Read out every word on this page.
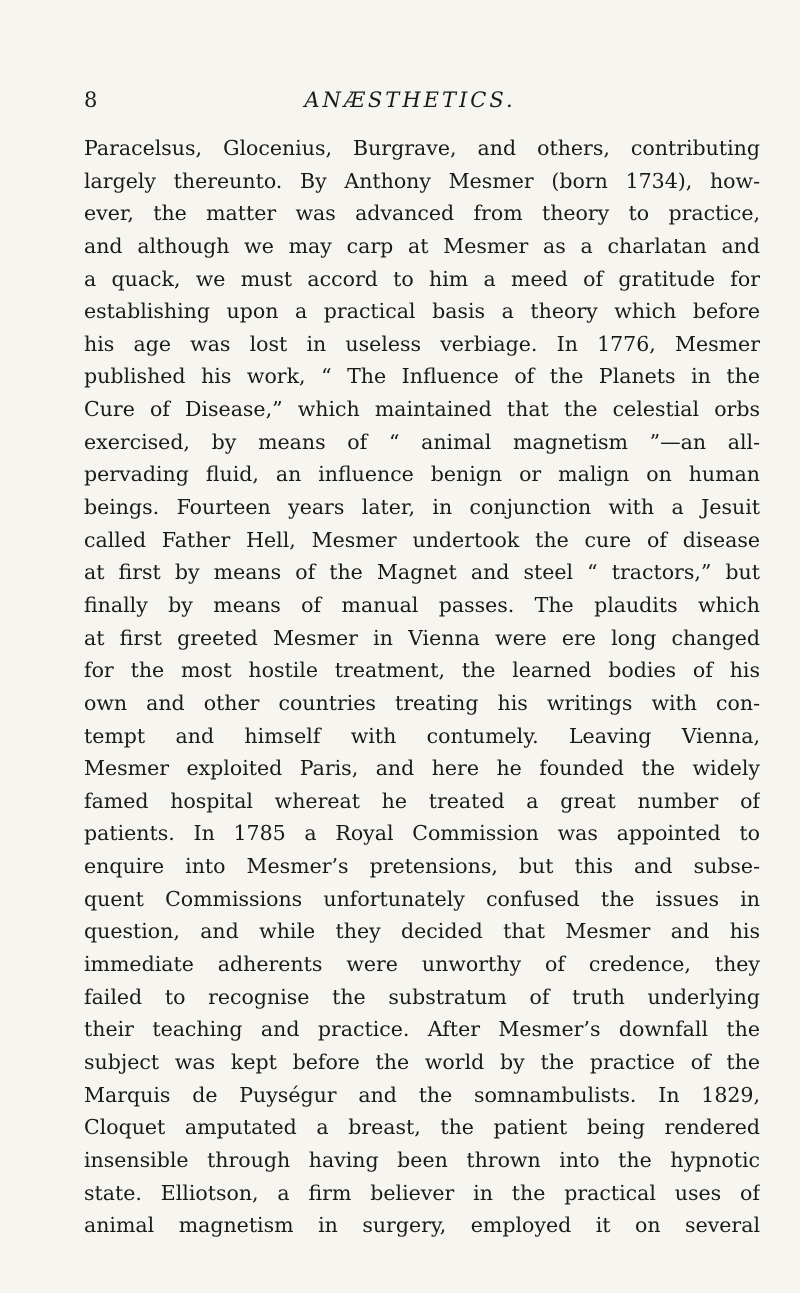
8	ANÆSTHETICS.
Paracelsus, Glocenius, Burgrave, and others, contributing
largely thereunto. By Anthony Mesmer (born 1734), how-
ever, the matter was advanced from theory to practice,
and although we may carp at Mesmer as a charlatan and
a quack, we must accord to him a meed of gratitude for
establishing upon a practical basis a theory which before
his age was lost in useless verbiage. In 1776, Mesmer
published his work, “ The Influence of the Planets in the
Cure of Disease,” which maintained that the celestial orbs
exercised, by means of “ animal magnetism ”—an all-
pervading fluid, an influence benign or malign on human
beings. Fourteen years later, in conjunction with a Jesuit
called Father Hell, Mesmer undertook the cure of disease
at first by means of the Magnet and steel “ tractors,” but
finally by means of manual passes. The plaudits which
at first greeted Mesmer in Vienna were ere long changed
for the most hostile treatment, the learned bodies of his
own and other countries treating his writings with con-
tempt and himself with contumely. Leaving Vienna,
Mesmer exploited Paris, and here he founded the widely
famed hospital whereat he treated a great number of
patients. In 1785 a Royal Commission was appointed to
enquire into Mesmer’s pretensions, but this and subse-
quent Commissions unfortunately confused the issues in
question, and while they decided that Mesmer and his
immediate adherents were unworthy of credence, they
failed to recognise the substratum of truth underlying
their teaching and practice. After Mesmer’s downfall the
subject was kept before the world by the practice of the
Marquis de Puységur and the somnambulists. In 1829,
Cloquet amputated a breast, the patient being rendered
insensible through having been thrown into the hypnotic
state. Elliotson, a firm believer in the practical uses of
animal magnetism in surgery, employed it on several
